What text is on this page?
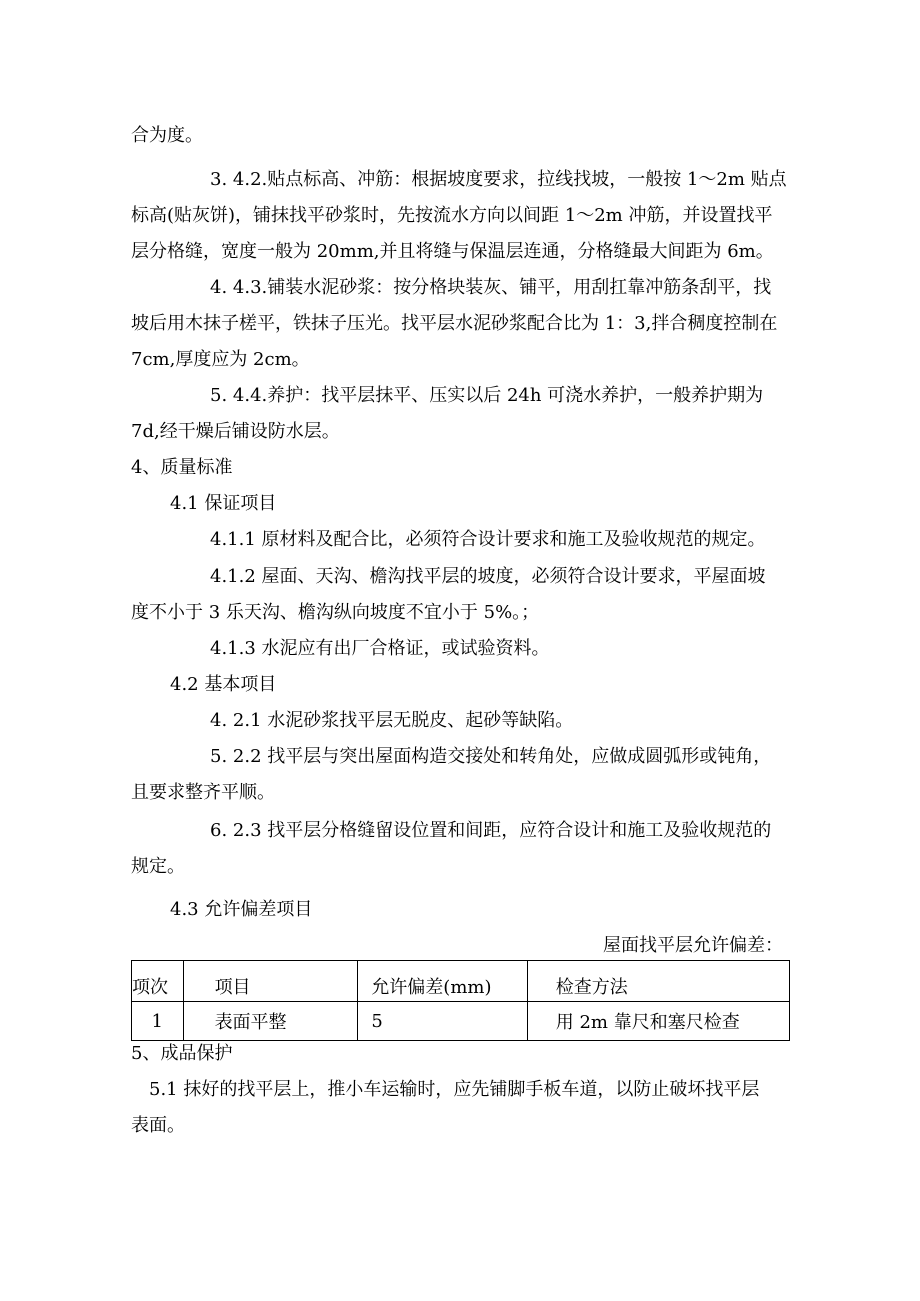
合为度。
3. 4.2.贴点标高、冲筋：根据坡度要求，拉线找坡，一般按 1～2m 贴点
标高(贴灰饼)，铺抹找平砂浆时，先按流水方向以间距 1～2m 冲筋，并设置找平
层分格缝，宽度一般为 20mm,并且将缝与保温层连通，分格缝最大间距为 6m。
4. 4.3.铺装水泥砂浆：按分格块装灰、铺平，用刮扛靠冲筋条刮平，找
坡后用木抹子槎平，铁抹子压光。找平层水泥砂浆配合比为 1：3,拌合稠度控制在
7cm,厚度应为 2cm。
5. 4.4.养护：找平层抹平、压实以后 24h 可浇水养护，一般养护期为
7d,经干燥后铺设防水层。
4、质量标准
4.1 保证项目
4.1.1 原材料及配合比，必须符合设计要求和施工及验收规范的规定。
4.1.2 屋面、天沟、檐沟找平层的坡度，必须符合设计要求，平屋面坡
度不小于 3 乐天沟、檐沟纵向坡度不宜小于 5%。；
4.1.3 水泥应有出厂合格证，或试验资料。
4.2 基本项目
4. 2.1 水泥砂浆找平层无脱皮、起砂等缺陷。
5. 2.2 找平层与突出屋面构造交接处和转角处，应做成圆弧形或钝角，
且要求整齐平顺。
6. 2.3 找平层分格缝留设位置和间距，应符合设计和施工及验收规范的
规定。
4.3 允许偏差项目
屋面找平层允许偏差：
项次	项目	允许偏差(mm)	检查方法
1	表面平整	5	用 2m 靠尺和塞尺检查
5、成品保护
5.1 抹好的找平层上，推小车运输时，应先铺脚手板车道，以防止破坏找平层
表面。
